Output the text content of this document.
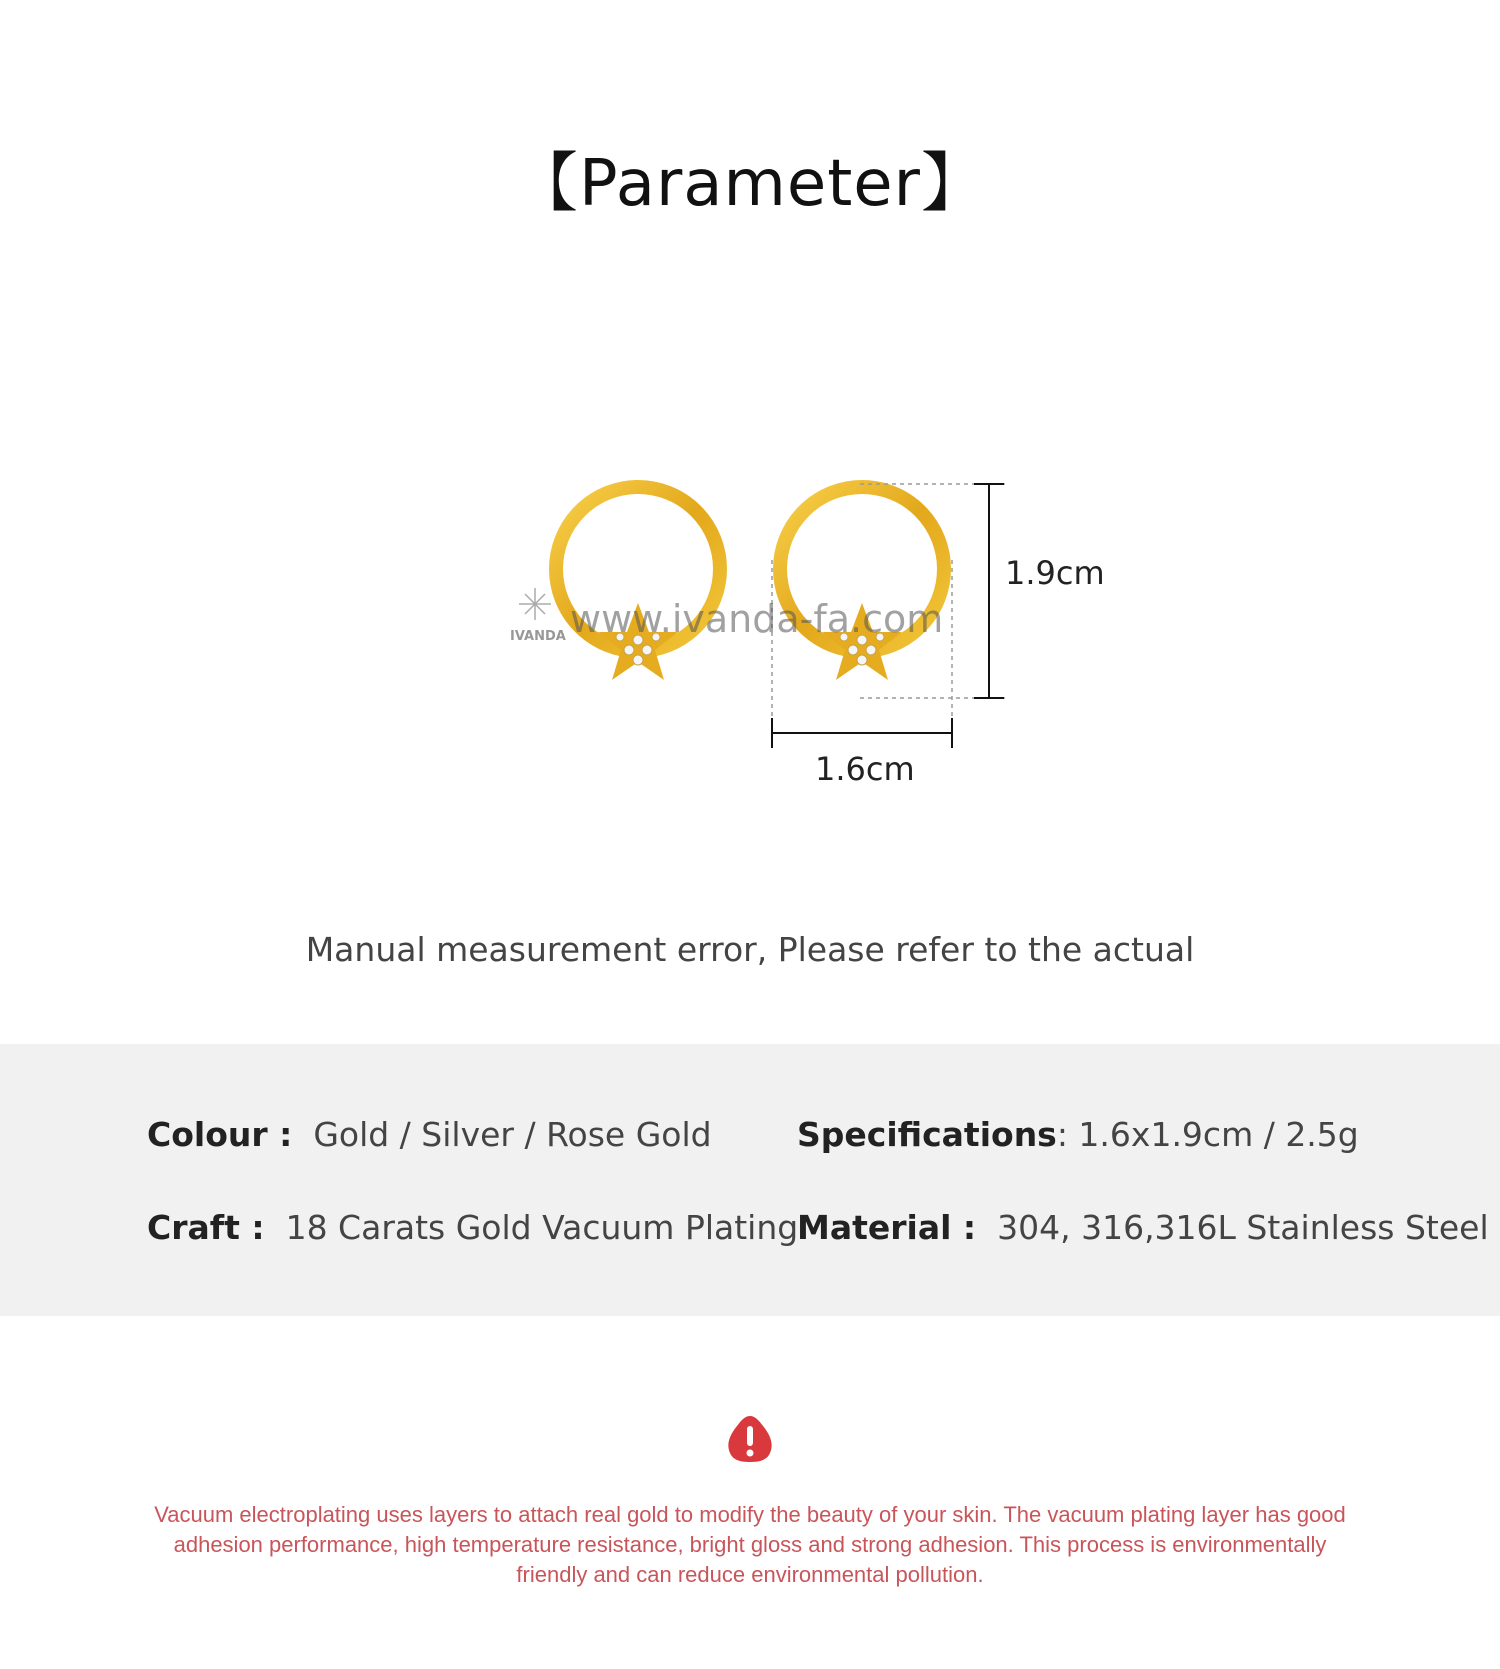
【Parameter】
1.9cm
1.6cm
IVANDA www.ivanda-fa.com
Manual measurement error, Please refer to the actual
Colour : Gold / Silver / Rose Gold	Specifications: 1.6x1.9cm / 2.5g
Craft : 18 Carats Gold Vacuum Plating
Material : 304, 316,316L Stainless Steel
Vacuum electroplating uses layers to attach real gold to modify the beauty of your skin. The vacuum plating layer has good adhesion performance, high temperature resistance, bright gloss and strong adhesion. This process is environmentally friendly and can reduce environmental pollution.
